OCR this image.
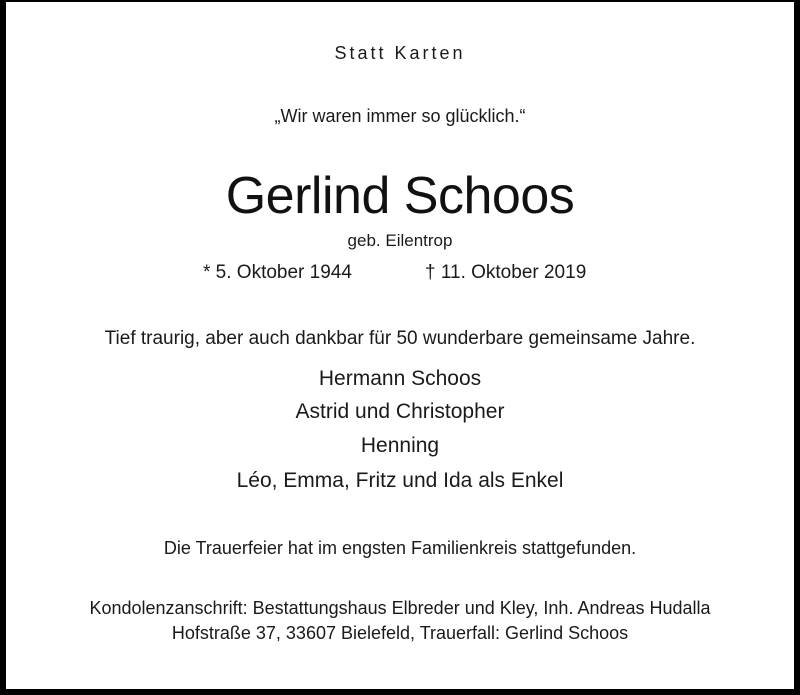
Statt Karten
„Wir waren immer so glücklich.“
Gerlind Schoos
geb. Eilentrop
* 5. Oktober 1944	† 11. Oktober 2019
Tief traurig, aber auch dankbar für 50 wunderbare gemeinsame Jahre.
Hermann Schoos
Astrid und Christopher
Henning
Léo, Emma, Fritz und Ida als Enkel
Die Trauerfeier hat im engsten Familienkreis stattgefunden.
Kondolenzanschrift: Bestattungshaus Elbreder und Kley, Inh. Andreas Hudalla
Hofstraße 37, 33607 Bielefeld, Trauerfall: Gerlind Schoos
